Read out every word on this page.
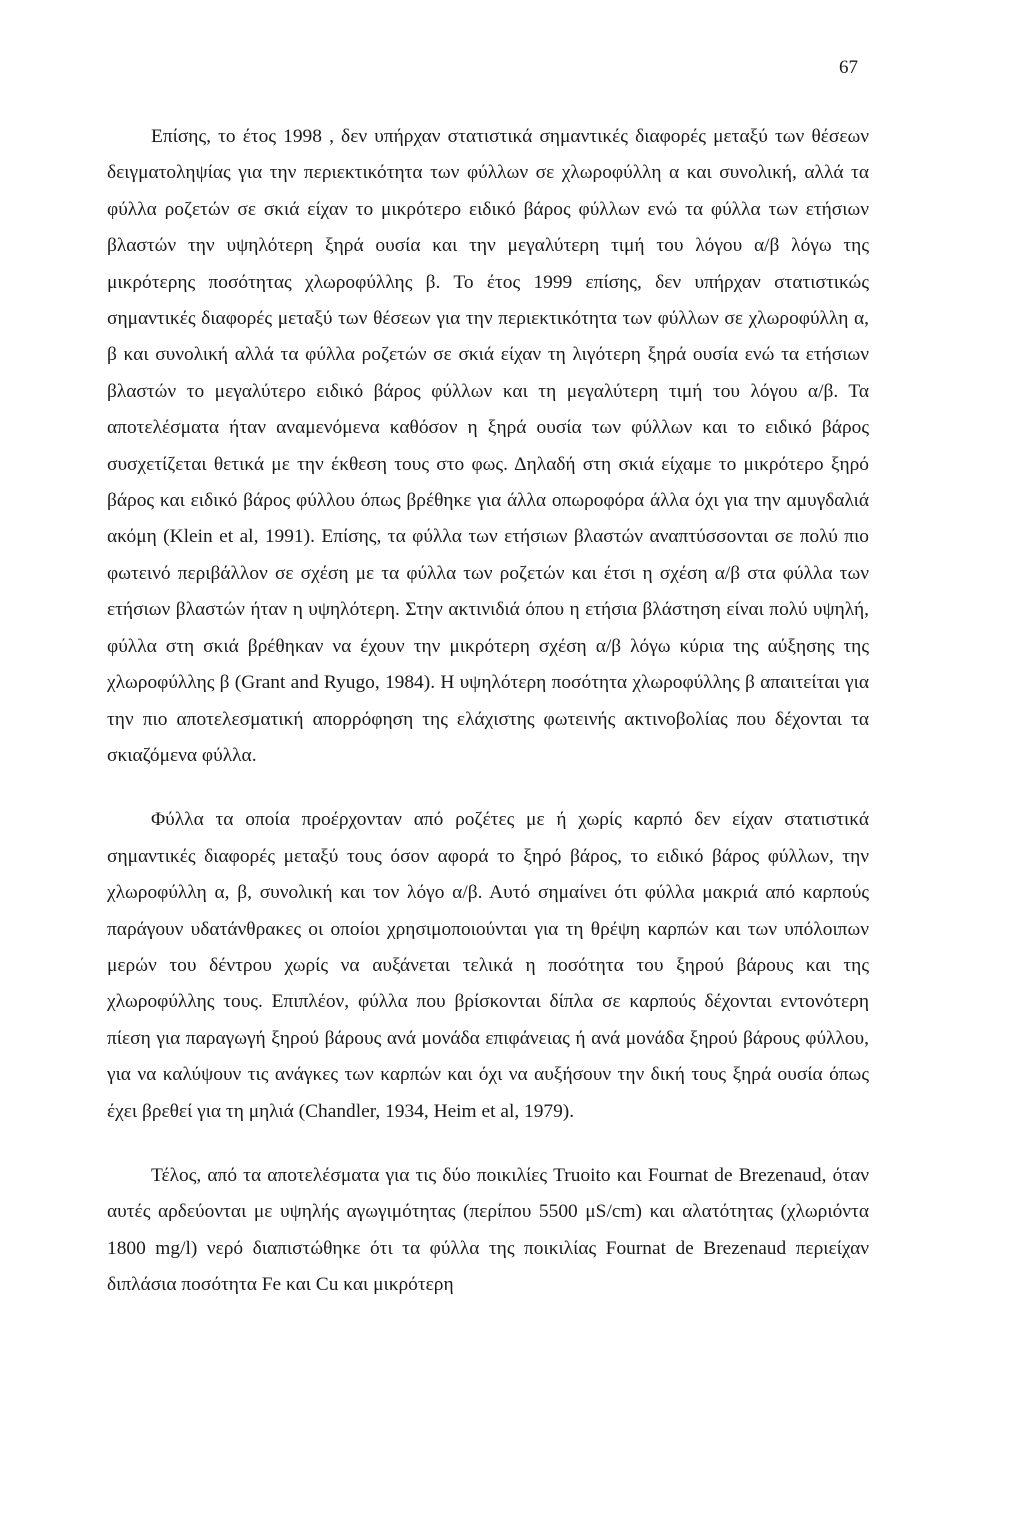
67

Επίσης, το έτος 1998 , δεν υπήρχαν στατιστικά σημαντικές διαφορές μεταξύ των θέσεων δειγματοληψίας για την περιεκτικότητα των φύλλων σε χλωροφύλλη α και συνολική, αλλά τα φύλλα ροζετών σε σκιά είχαν το μικρότερο ειδικό βάρος φύλλων ενώ τα φύλλα των ετήσιων βλαστών την υψηλότερη ξηρά ουσία και την μεγαλύτερη τιμή του λόγου α/β λόγω της μικρότερης ποσότητας χλωροφύλλης β. Το έτος 1999 επίσης, δεν υπήρχαν στατιστικώς σημαντικές διαφορές μεταξύ των θέσεων για την περιεκτικότητα των φύλλων σε χλωροφύλλη α, β και συνολική αλλά τα φύλλα ροζετών σε σκιά είχαν τη λιγότερη ξηρά ουσία ενώ τα ετήσιων βλαστών το μεγαλύτερο ειδικό βάρος φύλλων και τη μεγαλύτερη τιμή του λόγου α/β. Τα αποτελέσματα ήταν αναμενόμενα καθόσον η ξηρά ουσία των φύλλων και το ειδικό βάρος συσχετίζεται θετικά με την έκθεση τους στο φως. Δηλαδή στη σκιά είχαμε το μικρότερο ξηρό βάρος και ειδικό βάρος φύλλου όπως βρέθηκε για άλλα οπωροφόρα άλλα όχι για την αμυγδαλιά ακόμη (Klein et al, 1991). Επίσης, τα φύλλα των ετήσιων βλαστών αναπτύσσονται σε πολύ πιο φωτεινό περιβάλλον σε σχέση με τα φύλλα των ροζετών και έτσι η σχέση α/β στα φύλλα των ετήσιων βλαστών ήταν η υψηλότερη. Στην ακτινιδιά όπου η ετήσια βλάστηση είναι πολύ υψηλή, φύλλα στη σκιά βρέθηκαν να έχουν την μικρότερη σχέση α/β λόγω κύρια της αύξησης της χλωροφύλλης β (Grant and Ryugo, 1984). Η υψηλότερη ποσότητα χλωροφύλλης β απαιτείται για την πιο αποτελεσματική απορρόφηση της ελάχιστης φωτεινής ακτινοβολίας που δέχονται τα σκιαζόμενα φύλλα.

Φύλλα τα οποία προέρχονταν από ροζέτες με ή χωρίς καρπό δεν είχαν στατιστικά σημαντικές διαφορές μεταξύ τους όσον αφορά το ξηρό βάρος, το ειδικό βάρος φύλλων, την χλωροφύλλη α, β, συνολική και τον λόγο α/β. Αυτό σημαίνει ότι φύλλα μακριά από καρπούς παράγουν υδατάνθρακες οι οποίοι χρησιμοποιούνται για τη θρέψη καρπών και των υπόλοιπων μερών του δέντρου χωρίς να αυξάνεται τελικά η ποσότητα του ξηρού βάρους και της χλωροφύλλης τους. Επιπλέον, φύλλα που βρίσκονται δίπλα σε καρπούς δέχονται εντονότερη πίεση για παραγωγή ξηρού βάρους ανά μονάδα επιφάνειας ή ανά μονάδα ξηρού βάρους φύλλου, για να καλύψουν τις ανάγκες των καρπών και όχι να αυξήσουν την δική τους ξηρά ουσία όπως έχει βρεθεί για τη μηλιά (Chandler, 1934, Heim et al, 1979).

Τέλος, από τα αποτελέσματα για τις δύο ποικιλίες Truoito και Fournat de Brezenaud, όταν αυτές αρδεύονται με υψηλής αγωγιμότητας (περίπου 5500 μS/cm) και αλατότητας (χλωριόντα 1800 mg/l) νερό διαπιστώθηκε ότι τα φύλλα της ποικιλίας Fournat de Brezenaud περιείχαν διπλάσια ποσότητα Fe και Cu και μικρότερη
